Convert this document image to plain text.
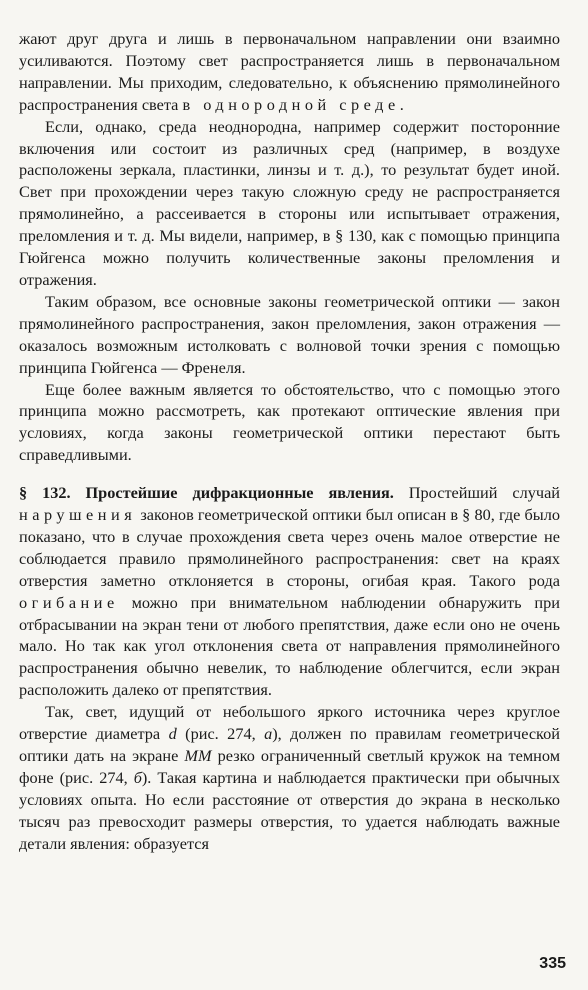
жают друг друга и лишь в первоначальном направлении они взаимно усиливаются. Поэтому свет распространяется лишь в первоначальном направлении. Мы приходим, следовательно, к объяснению прямолинейного распространения света в однородной среде.

Если, однако, среда неоднородна, например содержит посторонние включения или состоит из различных сред (например, в воздухе расположены зеркала, пластинки, линзы и т. д.), то результат будет иной. Свет при прохождении через такую сложную среду не распространяется прямолинейно, а рассеивается в стороны или испытывает отражения, преломления и т. д. Мы видели, например, в § 130, как с помощью принципа Гюйгенса можно получить количественные законы преломления и отражения.

Таким образом, все основные законы геометрической оптики — закон прямолинейного распространения, закон преломления, закон отражения — оказалось возможным истолковать с волновой точки зрения с помощью принципа Гюйгенса — Френеля.

Еще более важным является то обстоятельство, что с помощью этого принципа можно рассмотреть, как протекают оптические явления при условиях, когда законы геометрической оптики перестают быть справедливыми.

§ 132. Простейшие дифракционные явления. Простейший случай нарушения законов геометрической оптики был описан в § 80, где было показано, что в случае прохождения света через очень малое отверстие не соблюдается правило прямолинейного распространения: свет на краях отверстия заметно отклоняется в стороны, огибая края. Такого рода огибание можно при внимательном наблюдении обнаружить при отбрасывании на экран тени от любого препятствия, даже если оно не очень мало. Но так как угол отклонения света от направления прямолинейного распространения обычно невелик, то наблюдение облегчится, если экран расположить далеко от препятствия.

Так, свет, идущий от небольшого яркого источника через круглое отверстие диаметра d (рис. 274, а), должен по правилам геометрической оптики дать на экране MM резко ограниченный светлый кружок на темном фоне (рис. 274, б). Такая картина и наблюдается практически при обычных условиях опыта. Но если расстояние от отверстия до экрана в несколько тысяч раз превосходит размеры отверстия, то удается наблюдать важные детали явления: образуется

335
